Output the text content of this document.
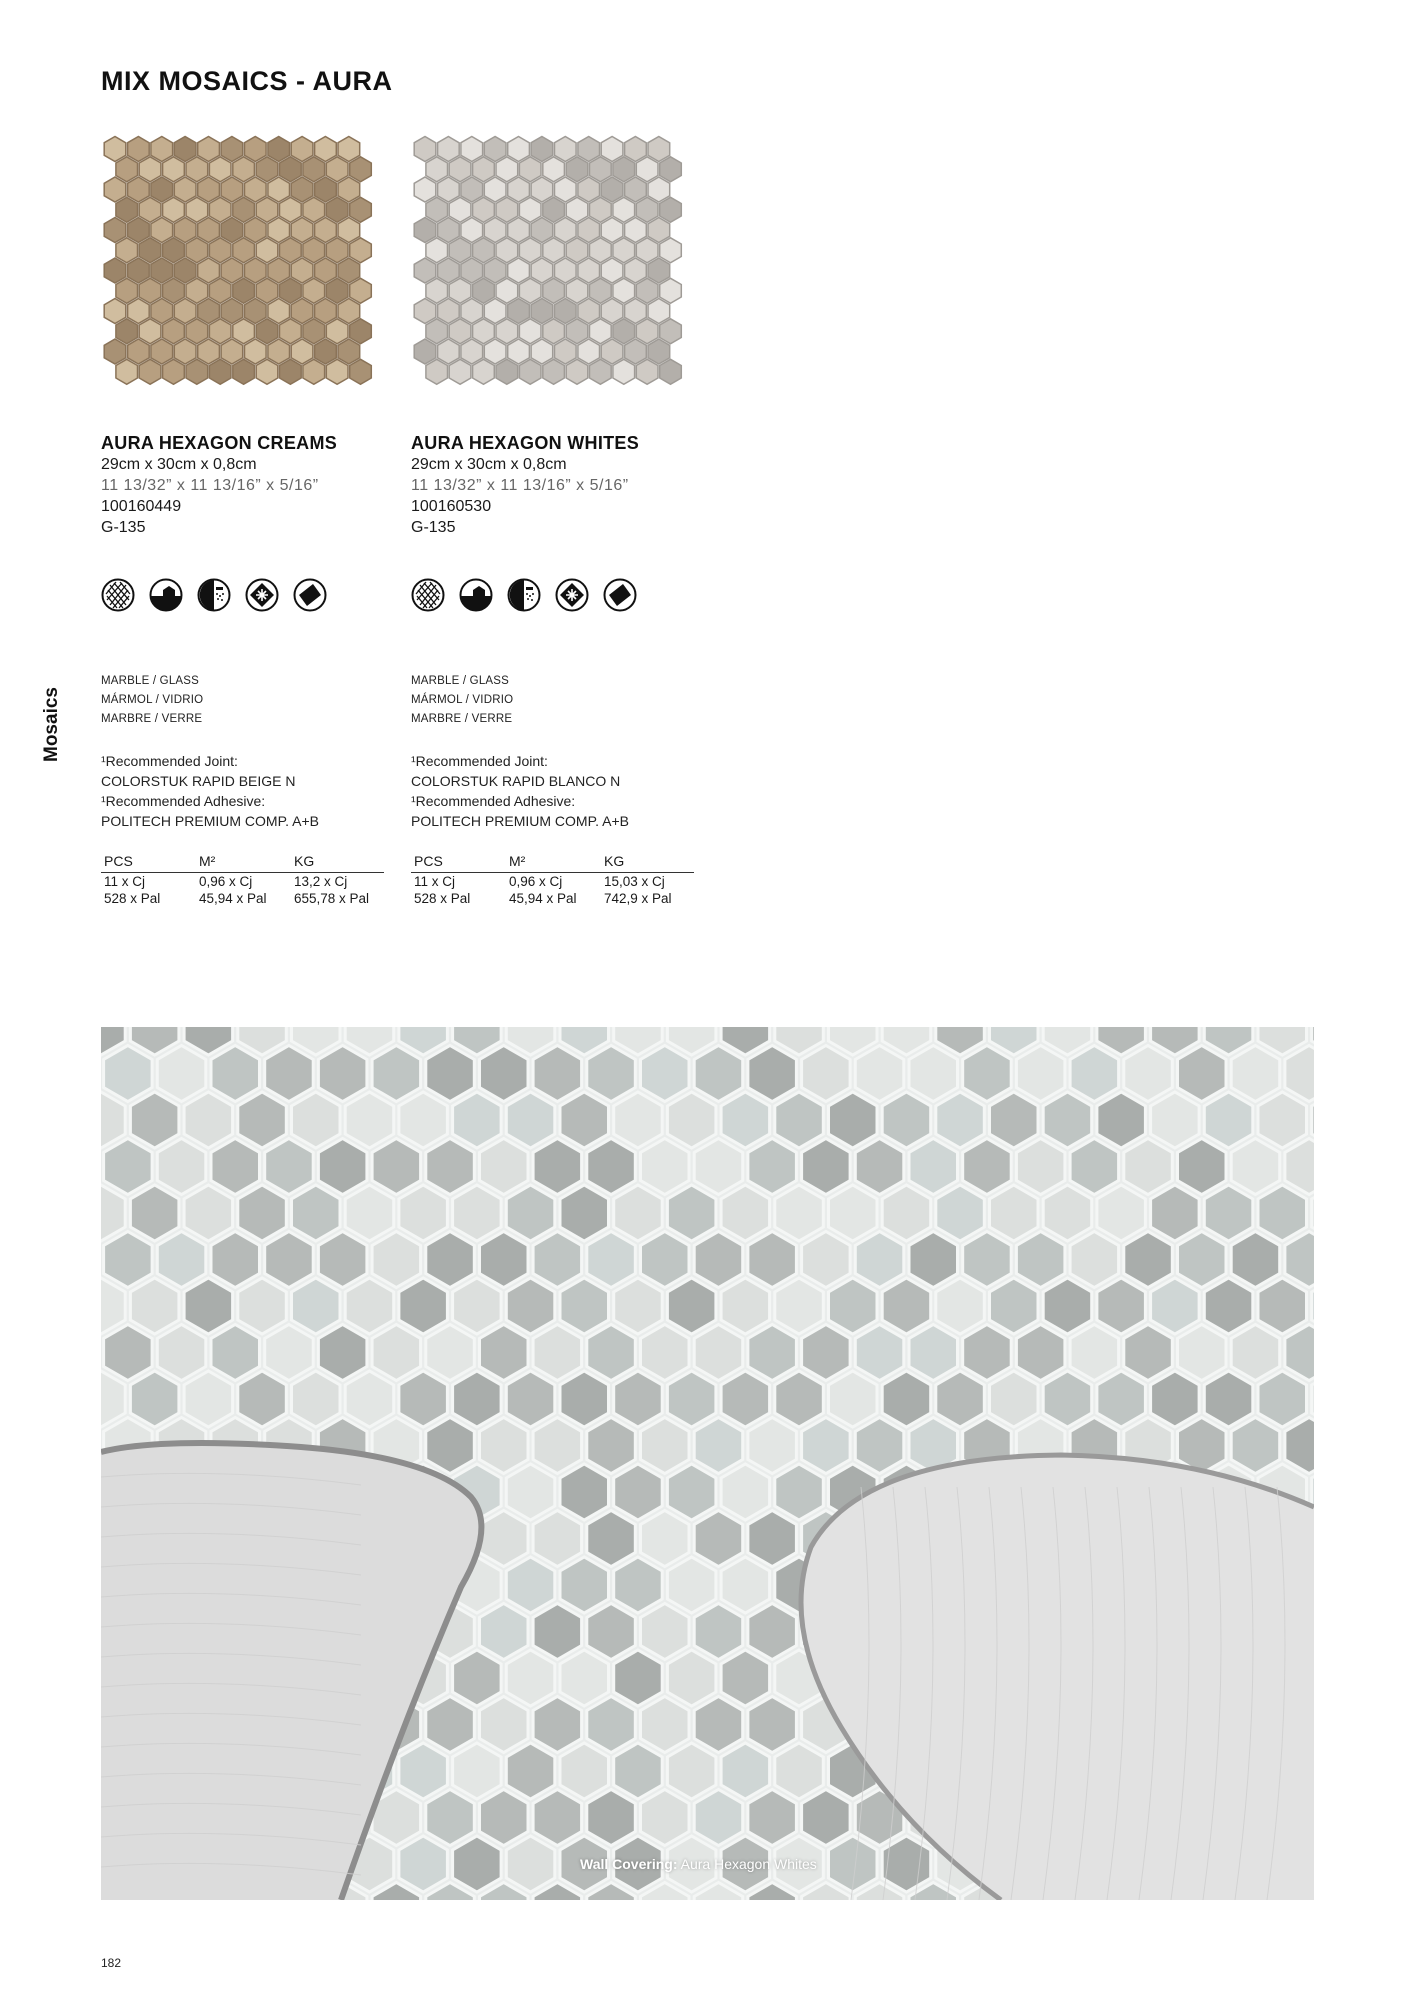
MIX MOSAICS - AURA
Mosaics
AURA HEXAGON CREAMS
29cm x 30cm x 0,8cm
11 13/32” x 11 13/16” x 5/16”
100160449
G-135
MARBLE / GLASS
MÁRMOL / VIDRIO
MARBRE / VERRE
¹Recommended Joint:
COLORSTUK RAPID BEIGE N
¹Recommended Adhesive:
POLITECH PREMIUM COMP. A+B
PCS	M²	KG
11 x Cj	0,96 x Cj	13,2 x Cj
528 x Pal	45,94 x Pal	655,78 x Pal
AURA HEXAGON WHITES
29cm x 30cm x 0,8cm
11 13/32” x 11 13/16” x 5/16”
100160530
G-135
MARBLE / GLASS
MÁRMOL / VIDRIO
MARBRE / VERRE
¹Recommended Joint:
COLORSTUK RAPID BLANCO N
¹Recommended Adhesive:
POLITECH PREMIUM COMP. A+B
PCS	M²	KG
11 x Cj	0,96 x Cj	15,03 x Cj
528 x Pal	45,94 x Pal	742,9 x Pal
Wall Covering: Aura Hexagon Whites
182
